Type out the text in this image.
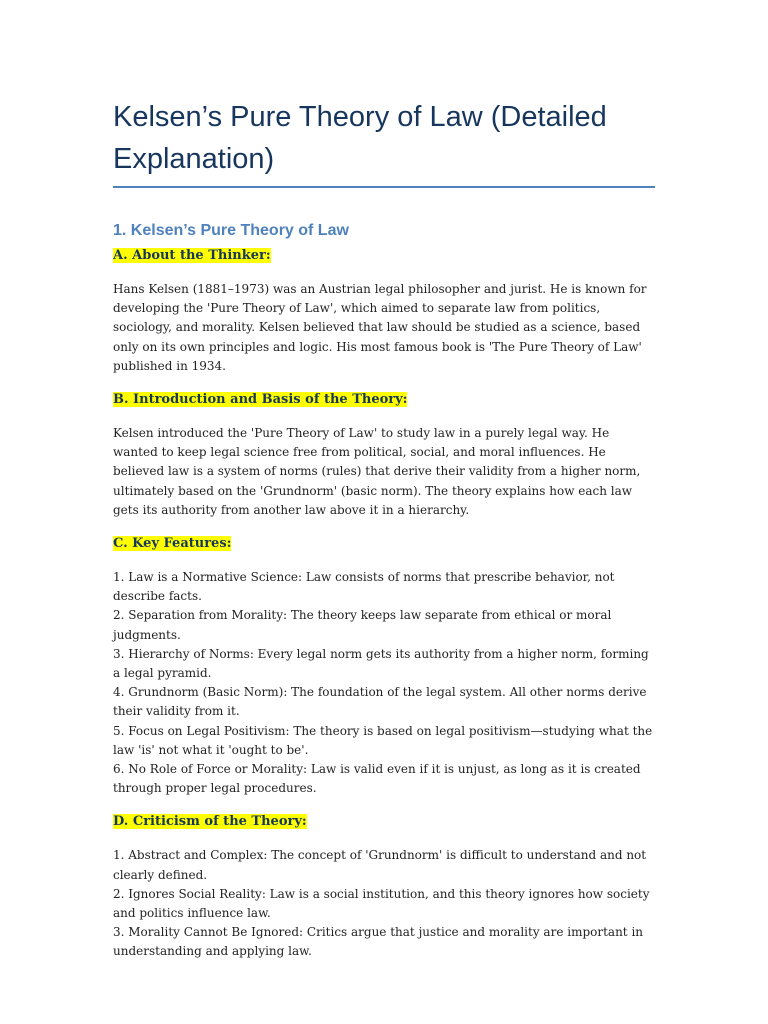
Kelsen’s Pure Theory of Law (Detailed Explanation)
1. Kelsen’s Pure Theory of Law
A. About the Thinker:

Hans Kelsen (1881–1973) was an Austrian legal philosopher and jurist. He is known for developing the 'Pure Theory of Law', which aimed to separate law from politics, sociology, and morality. Kelsen believed that law should be studied as a science, based only on its own principles and logic. His most famous book is 'The Pure Theory of Law' published in 1934.

B. Introduction and Basis of the Theory:

Kelsen introduced the 'Pure Theory of Law' to study law in a purely legal way. He wanted to keep legal science free from political, social, and moral influences. He believed law is a system of norms (rules) that derive their validity from a higher norm, ultimately based on the 'Grundnorm' (basic norm). The theory explains how each law gets its authority from another law above it in a hierarchy.

C. Key Features:

1. Law is a Normative Science: Law consists of norms that prescribe behavior, not describe facts.

2. Separation from Morality: The theory keeps law separate from ethical or moral judgments.

3. Hierarchy of Norms: Every legal norm gets its authority from a higher norm, forming a legal pyramid.

4. Grundnorm (Basic Norm): The foundation of the legal system. All other norms derive their validity from it.

5. Focus on Legal Positivism: The theory is based on legal positivism—studying what the law 'is' not what it 'ought to be'.

6. No Role of Force or Morality: Law is valid even if it is unjust, as long as it is created through proper legal procedures.

D. Criticism of the Theory:

1. Abstract and Complex: The concept of 'Grundnorm' is difficult to understand and not clearly defined.

2. Ignores Social Reality: Law is a social institution, and this theory ignores how society and politics influence law.

3. Morality Cannot Be Ignored: Critics argue that justice and morality are important in understanding and applying law.
